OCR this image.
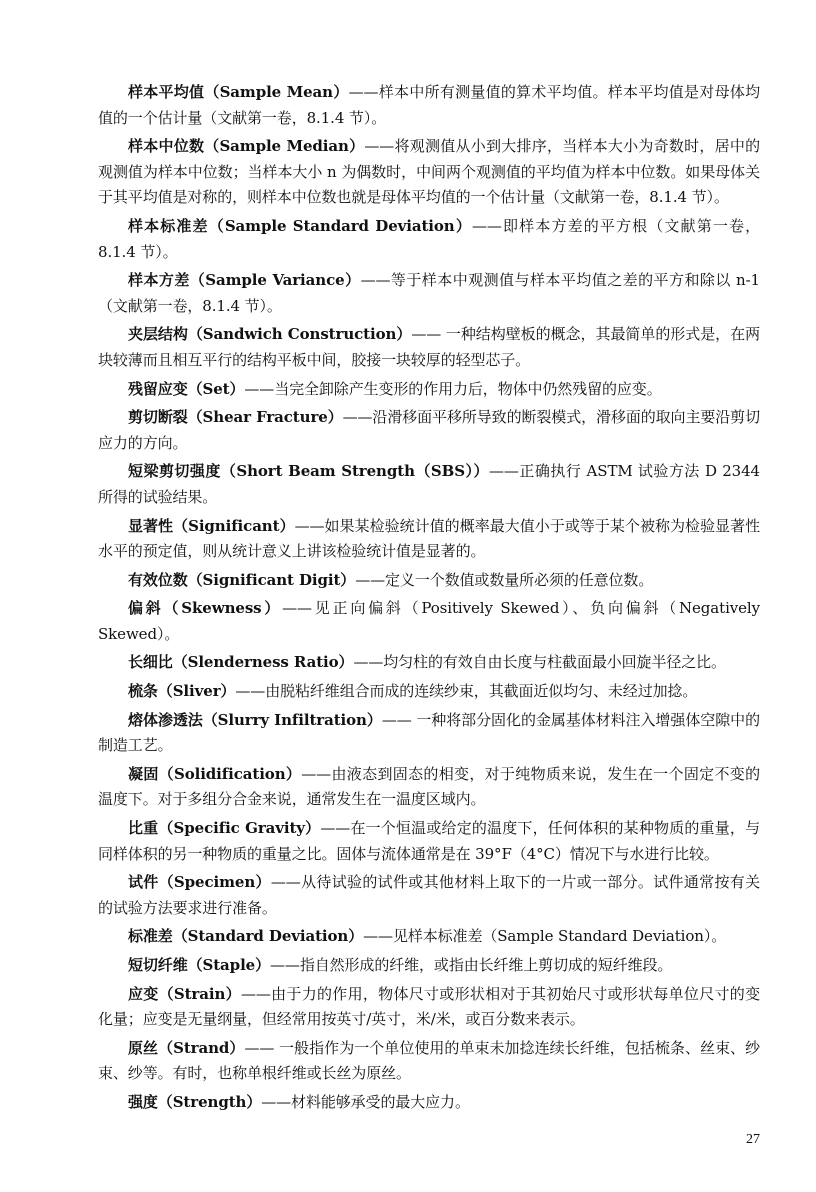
样本平均值（Sample Mean）——样本中所有测量值的算术平均值。样本平均值是对母体均值的一个估计量（文献第一卷，8.1.4 节）。

样本中位数（Sample Median）——将观测值从小到大排序，当样本大小为奇数时，居中的观测值为样本中位数；当样本大小 n 为偶数时，中间两个观测值的平均值为样本中位数。如果母体关于其平均值是对称的，则样本中位数也就是母体平均值的一个估计量（文献第一卷，8.1.4 节）。

样本标准差（Sample Standard Deviation）——即样本方差的平方根（文献第一卷，8.1.4 节）。

样本方差（Sample Variance）——等于样本中观测值与样本平均值之差的平方和除以 n-1（文献第一卷，8.1.4 节）。

夹层结构（Sandwich Construction）—— 一种结构壁板的概念，其最简单的形式是，在两块较薄而且相互平行的结构平板中间，胶接一块较厚的轻型芯子。

残留应变（Set）——当完全卸除产生变形的作用力后，物体中仍然残留的应变。

剪切断裂（Shear Fracture）——沿滑移面平移所导致的断裂模式，滑移面的取向主要沿剪切应力的方向。

短梁剪切强度（Short Beam Strength（SBS））——正确执行 ASTM 试验方法 D 2344 所得的试验结果。

显著性（Significant）——如果某检验统计值的概率最大值小于或等于某个被称为检验显著性水平的预定值，则从统计意义上讲该检验统计值是显著的。

有效位数（Significant Digit）——定义一个数值或数量所必须的任意位数。

偏斜（Skewness）——见正向偏斜（Positively Skewed）、负向偏斜（Negatively Skewed）。

长细比（Slenderness Ratio）——均匀柱的有效自由长度与柱截面最小回旋半径之比。

梳条（Sliver）——由脱粘纤维组合而成的连续纱束，其截面近似均匀、未经过加捻。

熔体渗透法（Slurry Infiltration）—— 一种将部分固化的金属基体材料注入增强体空隙中的制造工艺。

凝固（Solidification）——由液态到固态的相变，对于纯物质来说，发生在一个固定不变的温度下。对于多组分合金来说，通常发生在一温度区域内。

比重（Specific Gravity）——在一个恒温或给定的温度下，任何体积的某种物质的重量，与同样体积的另一种物质的重量之比。固体与流体通常是在 39°F（4°C）情况下与水进行比较。

试件（Specimen）——从待试验的试件或其他材料上取下的一片或一部分。试件通常按有关的试验方法要求进行准备。

标准差（Standard Deviation）——见样本标准差（Sample Standard Deviation）。

短切纤维（Staple）——指自然形成的纤维，或指由长纤维上剪切成的短纤维段。

应变（Strain）——由于力的作用，物体尺寸或形状相对于其初始尺寸或形状每单位尺寸的变化量；应变是无量纲量，但经常用按英寸/英寸，米/米，或百分数来表示。

原丝（Strand）—— 一般指作为一个单位使用的单束未加捻连续长纤维，包括梳条、丝束、纱束、纱等。有时，也称单根纤维或长丝为原丝。

强度（Strength）——材料能够承受的最大应力。

27
